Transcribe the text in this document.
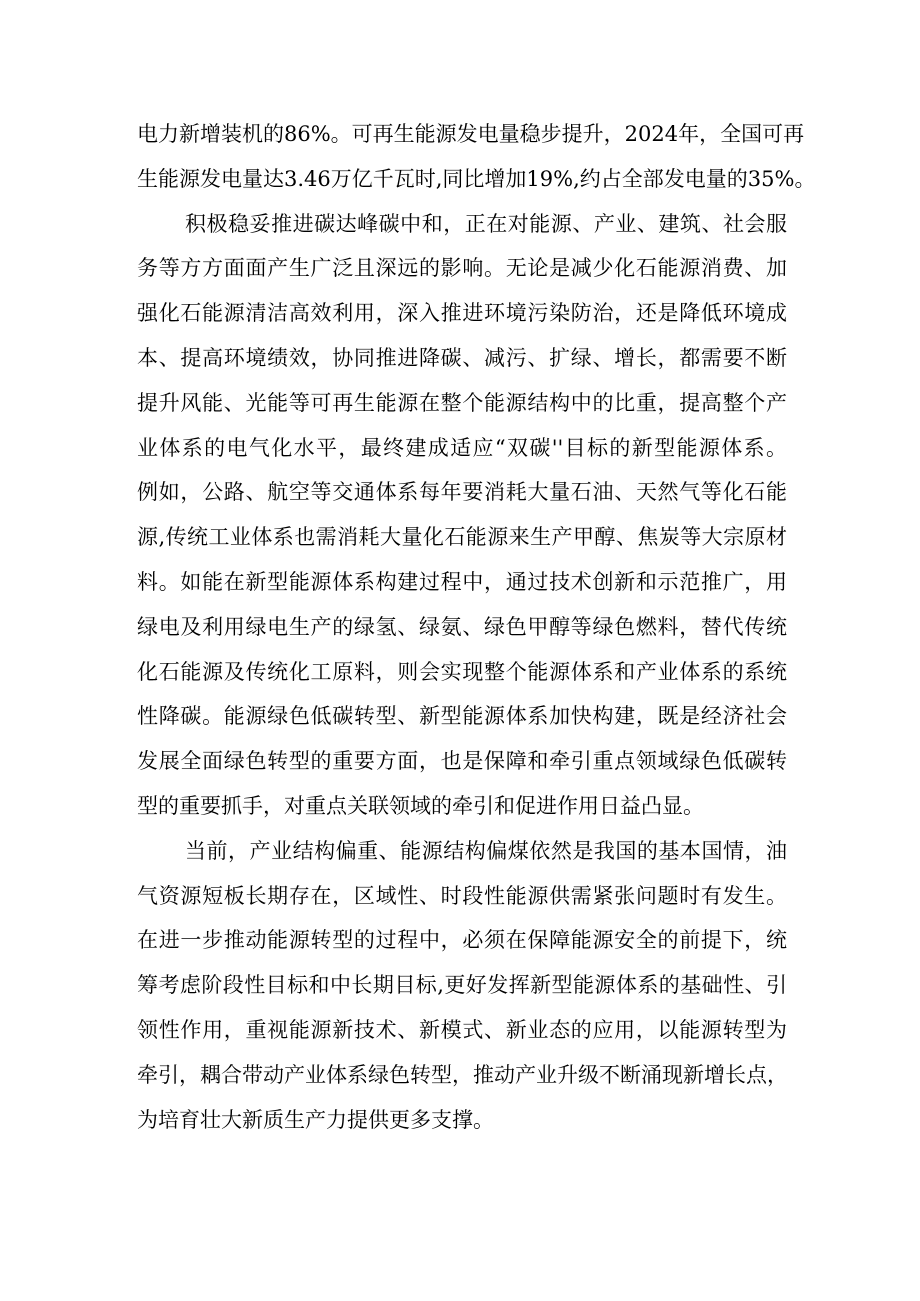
电力新增装机的86%。可再生能源发电量稳步提升，2024年，全国可再
生能源发电量达3.46万亿千瓦时,同比增加19%,约占全部发电量的35%。
积极稳妥推进碳达峰碳中和，正在对能源、产业、建筑、社会服
务等方方面面产生广泛且深远的影响。无论是减少化石能源消费、加
强化石能源清洁高效利用，深入推进环境污染防治，还是降低环境成
本、提高环境绩效，协同推进降碳、减污、扩绿、增长，都需要不断
提升风能、光能等可再生能源在整个能源结构中的比重，提高整个产
业体系的电气化水平，最终建成适应“双碳''目标的新型能源体系。
例如，公路、航空等交通体系每年要消耗大量石油、天然气等化石能
源,传统工业体系也需消耗大量化石能源来生产甲醇、焦炭等大宗原材
料。如能在新型能源体系构建过程中，通过技术创新和示范推广，用
绿电及利用绿电生产的绿氢、绿氨、绿色甲醇等绿色燃料，替代传统
化石能源及传统化工原料，则会实现整个能源体系和产业体系的系统
性降碳。能源绿色低碳转型、新型能源体系加快构建，既是经济社会
发展全面绿色转型的重要方面，也是保障和牵引重点领域绿色低碳转
型的重要抓手，对重点关联领域的牵引和促进作用日益凸显。
当前，产业结构偏重、能源结构偏煤依然是我国的基本国情，油
气资源短板长期存在，区域性、时段性能源供需紧张问题时有发生。
在进一步推动能源转型的过程中，必须在保障能源安全的前提下，统
筹考虑阶段性目标和中长期目标,更好发挥新型能源体系的基础性、引
领性作用，重视能源新技术、新模式、新业态的应用，以能源转型为
牵引，耦合带动产业体系绿色转型，推动产业升级不断涌现新增长点，
为培育壮大新质生产力提供更多支撑。
